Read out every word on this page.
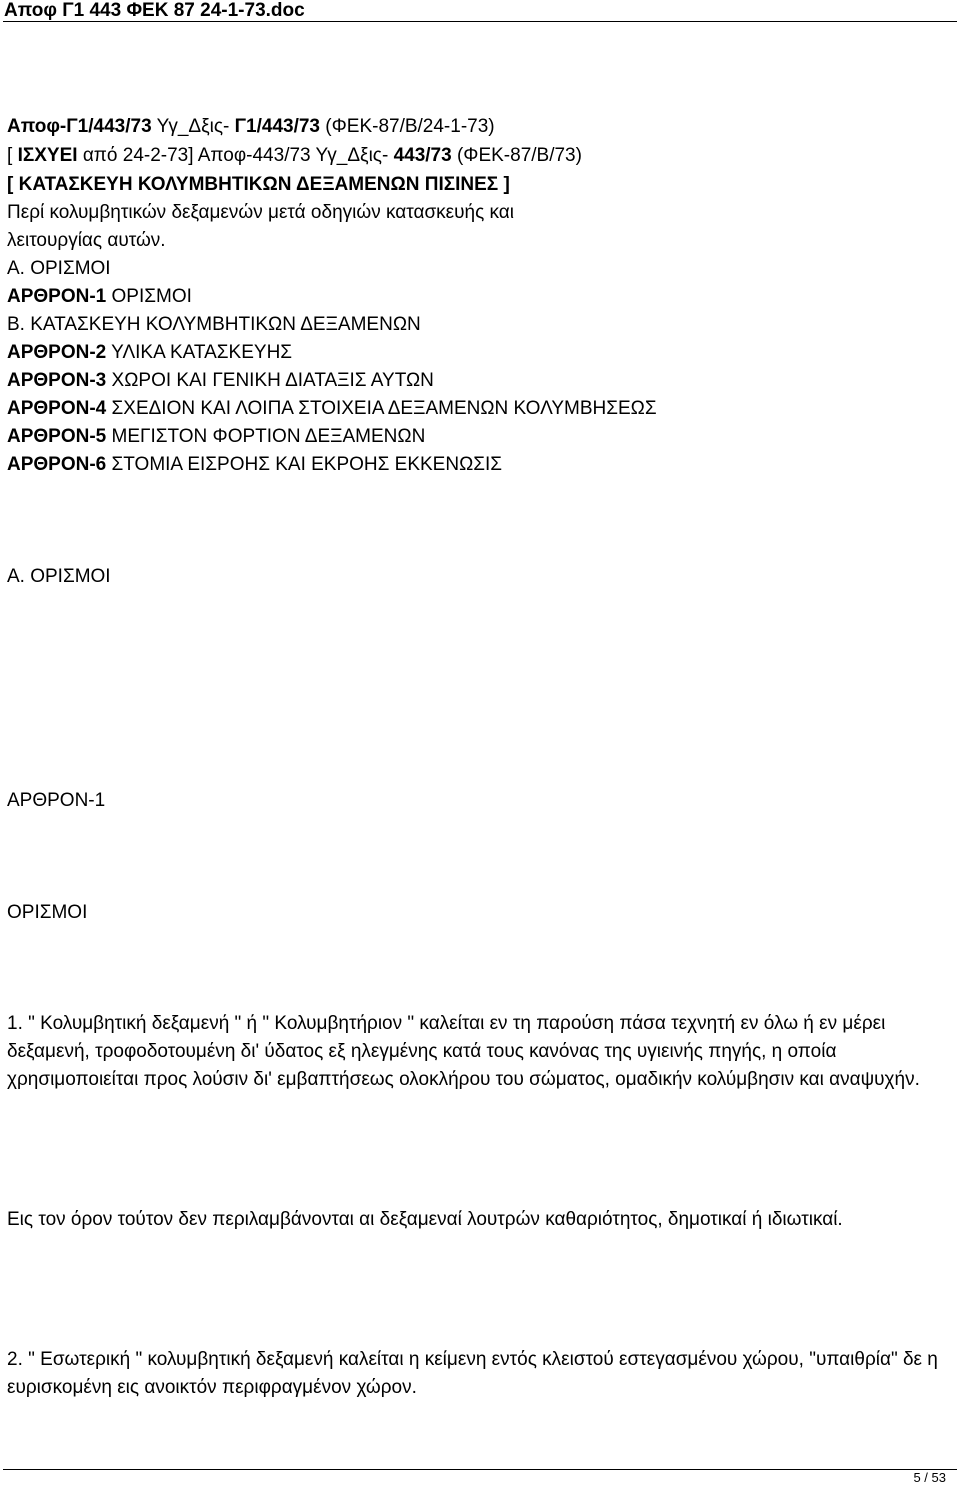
Αποφ Γ1 443 ΦΕΚ 87 24-1-73.doc
Αποφ-Γ1/443/73 Υγ_Δξις- Γ1/443/73 (ΦΕΚ-87/Β/24-1-73)
[ ΙΣΧΥΕΙ από 24-2-73] Αποφ-443/73 Υγ_Δξις- 443/73 (ΦΕΚ-87/Β/73)
[ ΚΑΤΑΣΚΕΥΗ ΚΟΛΥΜΒΗΤΙΚΩΝ ΔΕΞΑΜΕΝΩΝ ΠΙΣΙΝΕΣ ]
Περί κολυμβητικών δεξαμενών μετά οδηγιών κατασκευής και
λειτουργίας αυτών.
Α. ΟΡΙΣΜΟΙ
ΑΡΘΡΟΝ-1 ΟΡΙΣΜΟΙ
Β. ΚΑΤΑΣΚΕΥΗ ΚΟΛΥΜΒΗΤΙΚΩΝ ΔΕΞΑΜΕΝΩΝ
ΑΡΘΡΟΝ-2 ΥΛΙΚΑ ΚΑΤΑΣΚΕΥΗΣ
ΑΡΘΡΟΝ-3 ΧΩΡΟΙ ΚΑΙ ΓΕΝΙΚΗ ΔΙΑΤΑΞΙΣ ΑΥΤΩΝ
ΑΡΘΡΟΝ-4 ΣΧΕΔΙΟΝ ΚΑΙ ΛΟΙΠΑ ΣΤΟΙΧΕΙΑ ΔΕΞΑΜΕΝΩΝ ΚΟΛΥΜΒΗΣΕΩΣ
ΑΡΘΡΟΝ-5 ΜΕΓΙΣΤΟΝ ΦΟΡΤΙΟΝ ΔΕΞΑΜΕΝΩΝ
ΑΡΘΡΟΝ-6 ΣΤΟΜΙΑ ΕΙΣΡΟΗΣ ΚΑΙ ΕΚΡΟΗΣ ΕΚΚΕΝΩΣΙΣ
Α. ΟΡΙΣΜΟΙ
ΑΡΘΡΟΝ-1
ΟΡΙΣΜΟΙ
1. " Κολυμβητική δεξαμενή " ή " Κολυμβητήριον " καλείται εν τη παρούση πάσα τεχνητή εν όλω ή εν μέρει δεξαμενή, τροφοδοτουμένη δι' ύδατος εξ ηλεγμένης κατά τους κανόνας της υγιεινής πηγής, η οποία χρησιμοποιείται προς λούσιν δι' εμβαπτήσεως ολοκλήρου του σώματος, ομαδικήν κολύμβησιν και αναψυχήν.
Εις τον όρον τούτον δεν περιλαμβάνονται αι δεξαμεναί λουτρών καθαριότητος, δημοτικαί ή ιδιωτικαί.
2. " Εσωτερική " κολυμβητική δεξαμενή καλείται η κείμενη εντός κλειστού εστεγασμένου χώρου, "υπαιθρία" δε η ευρισκομένη εις ανοικτόν περιφραγμένον χώρον.
5 / 53
